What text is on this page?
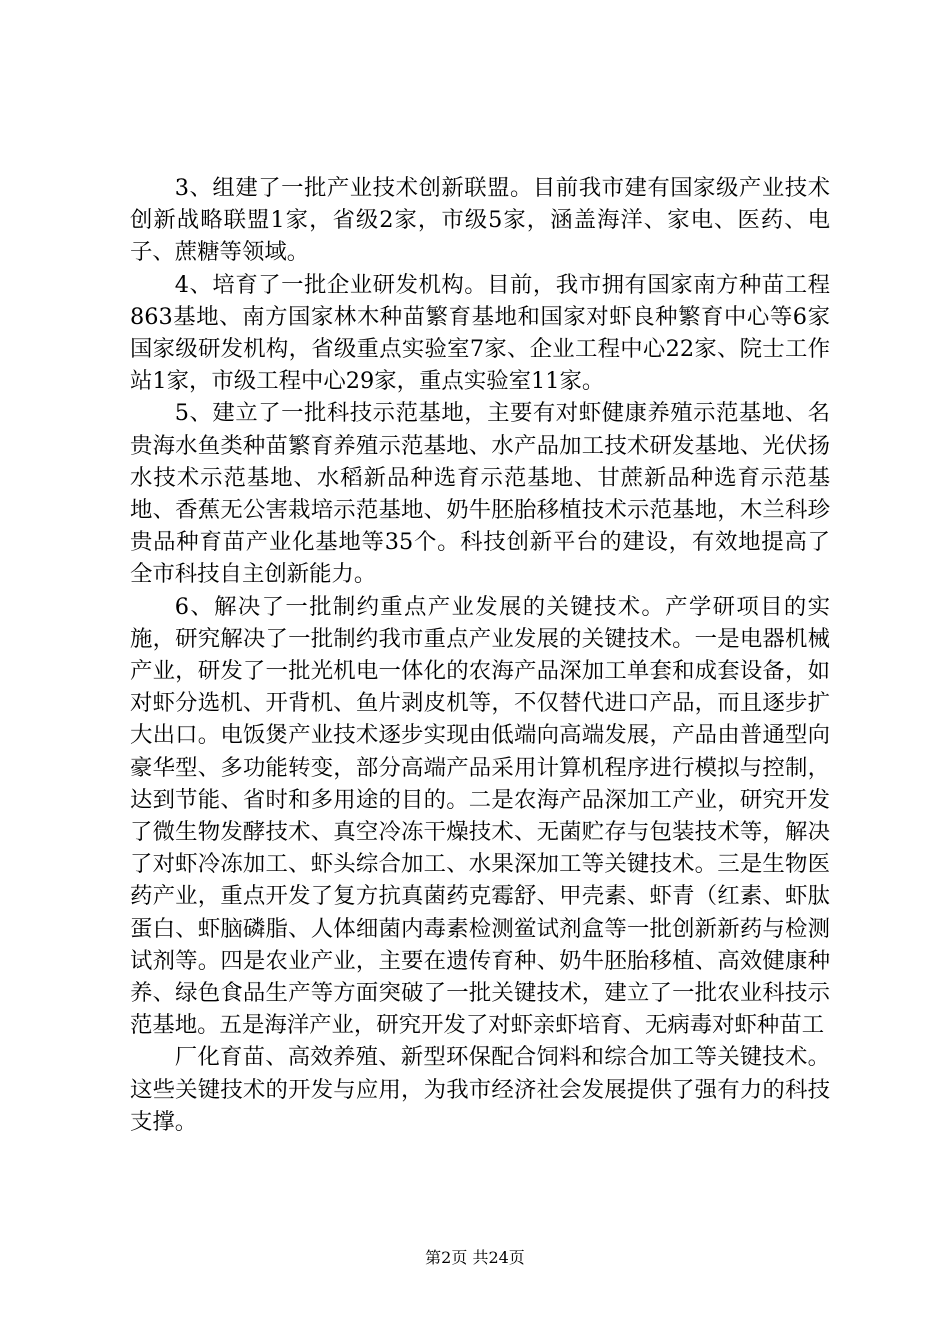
3、组建了一批产业技术创新联盟。目前我市建有国家级产业技术创新战略联盟1家，省级2家，市级5家，涵盖海洋、家电、医药、电子、蔗糖等领域。

4、培育了一批企业研发机构。目前，我市拥有国家南方种苗工程863基地、南方国家林木种苗繁育基地和国家对虾良种繁育中心等6家国家级研发机构，省级重点实验室7家、企业工程中心22家、院士工作站1家，市级工程中心29家，重点实验室11家。

5、建立了一批科技示范基地，主要有对虾健康养殖示范基地、名贵海水鱼类种苗繁育养殖示范基地、水产品加工技术研发基地、光伏扬水技术示范基地、水稻新品种选育示范基地、甘蔗新品种选育示范基地、香蕉无公害栽培示范基地、奶牛胚胎移植技术示范基地，木兰科珍贵品种育苗产业化基地等35个。科技创新平台的建设，有效地提高了全市科技自主创新能力。

6、解决了一批制约重点产业发展的关键技术。产学研项目的实施，研究解决了一批制约我市重点产业发展的关键技术。一是电器机械产业，研发了一批光机电一体化的农海产品深加工单套和成套设备，如对虾分选机、开背机、鱼片剥皮机等，不仅替代进口产品，而且逐步扩大出口。电饭煲产业技术逐步实现由低端向高端发展，产品由普通型向豪华型、多功能转变，部分高端产品采用计算机程序进行模拟与控制，达到节能、省时和多用途的目的。二是农海产品深加工产业，研究开发了微生物发酵技术、真空冷冻干燥技术、无菌贮存与包装技术等，解决了对虾冷冻加工、虾头综合加工、水果深加工等关键技术。三是生物医药产业，重点开发了复方抗真菌药克霉舒、甲壳素、虾青（红素、虾肽蛋白、虾脑磷脂、人体细菌内毒素检测鲎试剂盒等一批创新新药与检测试剂等。四是农业产业，主要在遗传育种、奶牛胚胎移植、高效健康种养、绿色食品生产等方面突破了一批关键技术，建立了一批农业科技示范基地。五是海洋产业，研究开发了对虾亲虾培育、无病毒对虾种苗工

厂化育苗、高效养殖、新型环保配合饲料和综合加工等关键技术。这些关键技术的开发与应用，为我市经济社会发展提供了强有力的科技支撑。

第2页 共24页
